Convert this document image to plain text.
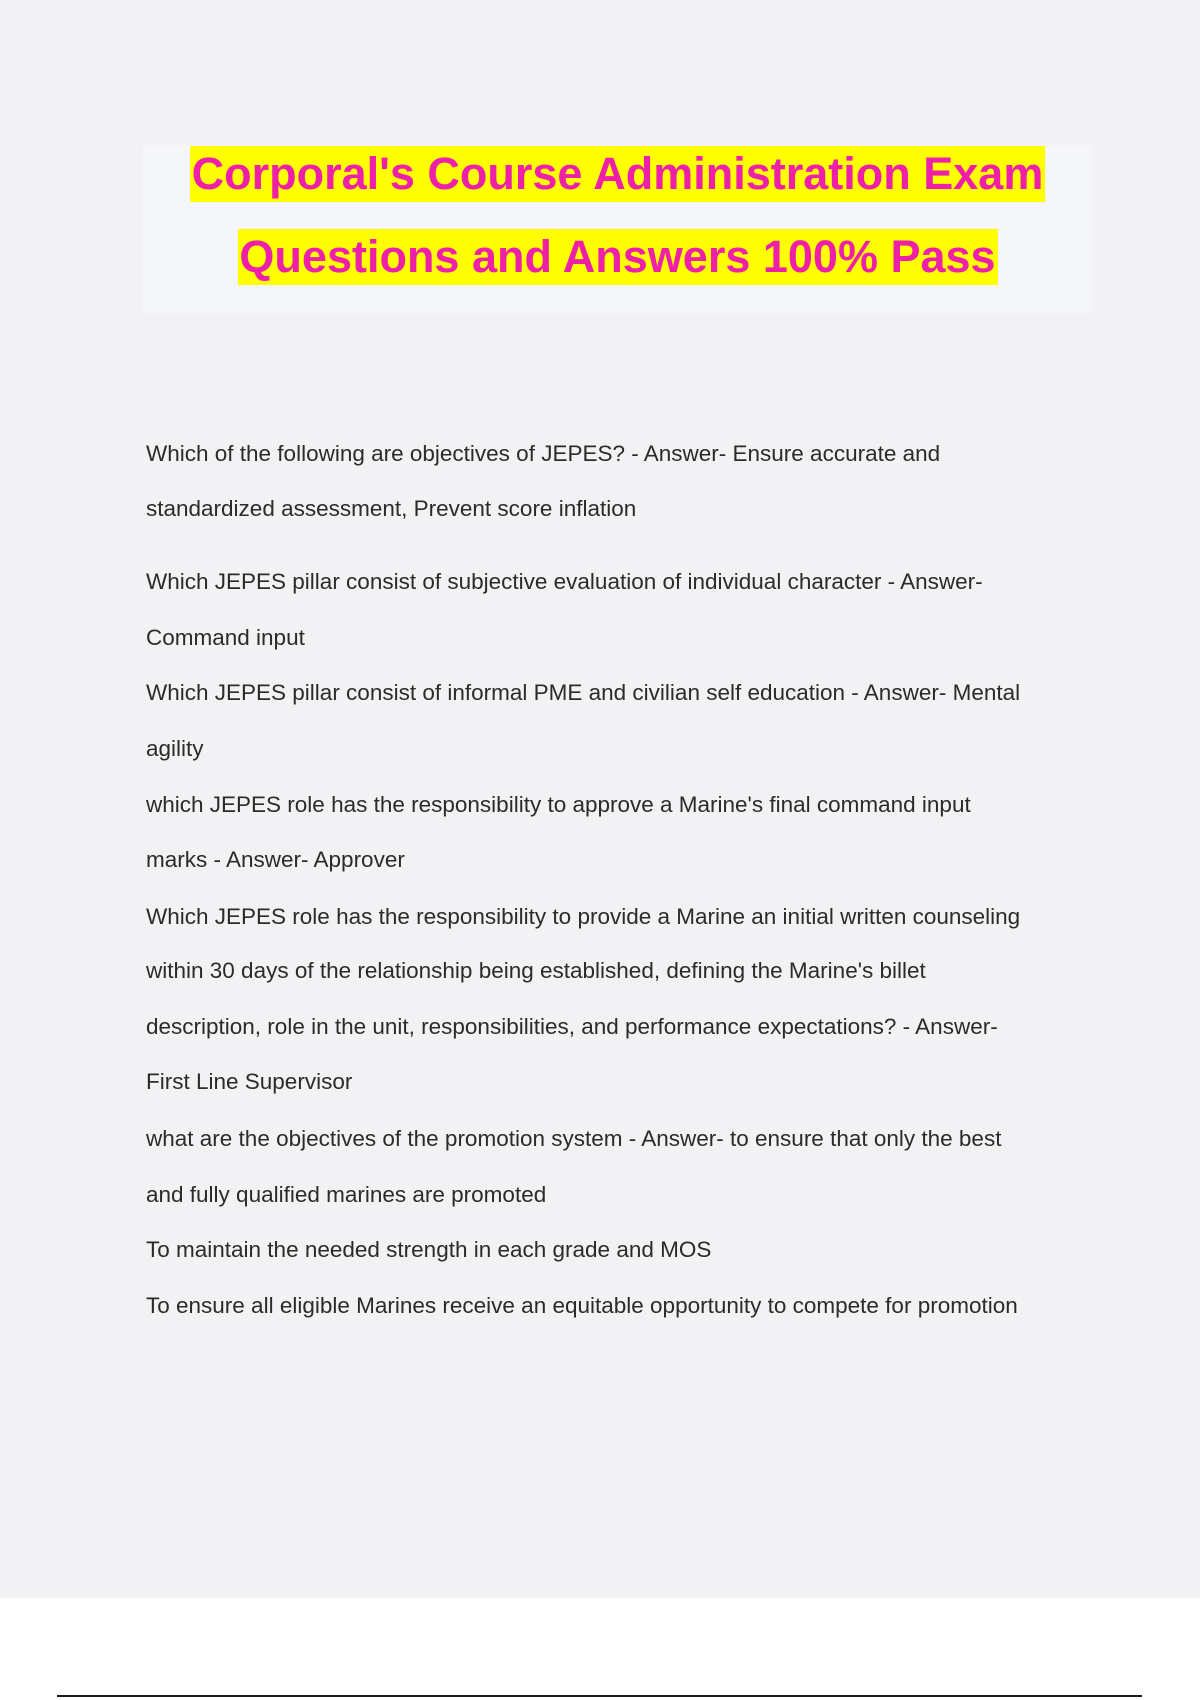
Corporal's Course Administration Exam
Questions and Answers 100% Pass
Which of the following are objectives of JEPES? - Answer- Ensure accurate and
standardized assessment, Prevent score inflation
Which JEPES pillar consist of subjective evaluation of individual character - Answer-
Command input
Which JEPES pillar consist of informal PME and civilian self education - Answer- Mental
agility
which JEPES role has the responsibility to approve a Marine's final command input
marks - Answer- Approver
Which JEPES role has the responsibility to provide a Marine an initial written counseling
within 30 days of the relationship being established, defining the Marine's billet
description, role in the unit, responsibilities, and performance expectations? - Answer-
First Line Supervisor
what are the objectives of the promotion system - Answer- to ensure that only the best
and fully qualified marines are promoted
To maintain the needed strength in each grade and MOS
To ensure all eligible Marines receive an equitable opportunity to compete for promotion
